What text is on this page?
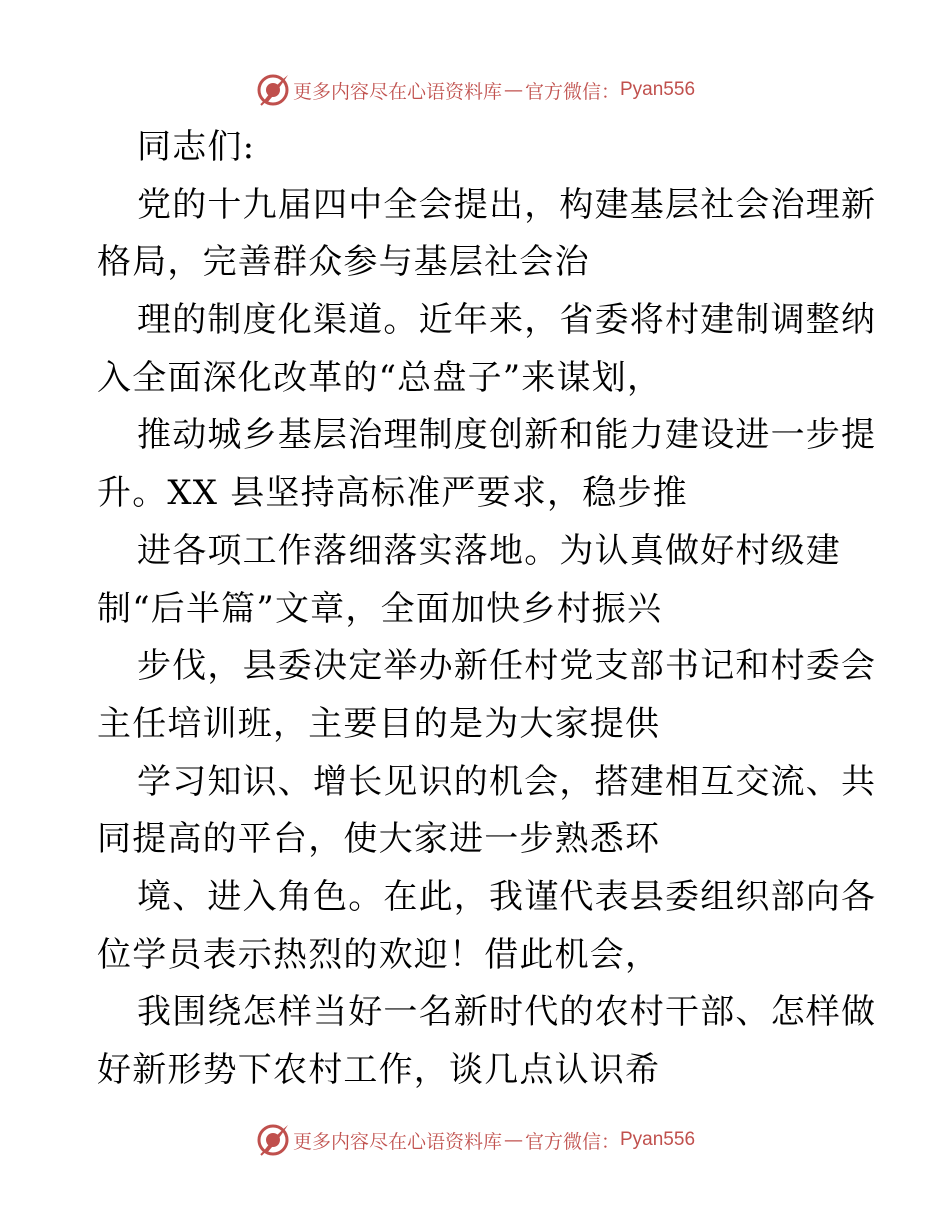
更多内容尽在心语资料库 — 官方微信： Pyan556
同志们:
党的十九届四中全会提出，构建基层社会治理新
格局，完善群众参与基层社会治
理的制度化渠道。近年来，省委将村建制调整纳
入全面深化改革的“总盘子”来谋划，
推动城乡基层治理制度创新和能力建设进一步提
升。XX 县坚持高标准严要求，稳步推
进各项工作落细落实落地。为认真做好村级建
制“后半篇”文章，全面加快乡村振兴
步伐，县委决定举办新任村党支部书记和村委会
主任培训班，主要目的是为大家提供
学习知识、增长见识的机会，搭建相互交流、共
同提高的平台，使大家进一步熟悉环
境、进入角色。在此，我谨代表县委组织部向各
位学员表示热烈的欢迎！借此机会，
我围绕怎样当好一名新时代的农村干部、怎样做
好新形势下农村工作，谈几点认识希
更多内容尽在心语资料库 — 官方微信： Pyan556
